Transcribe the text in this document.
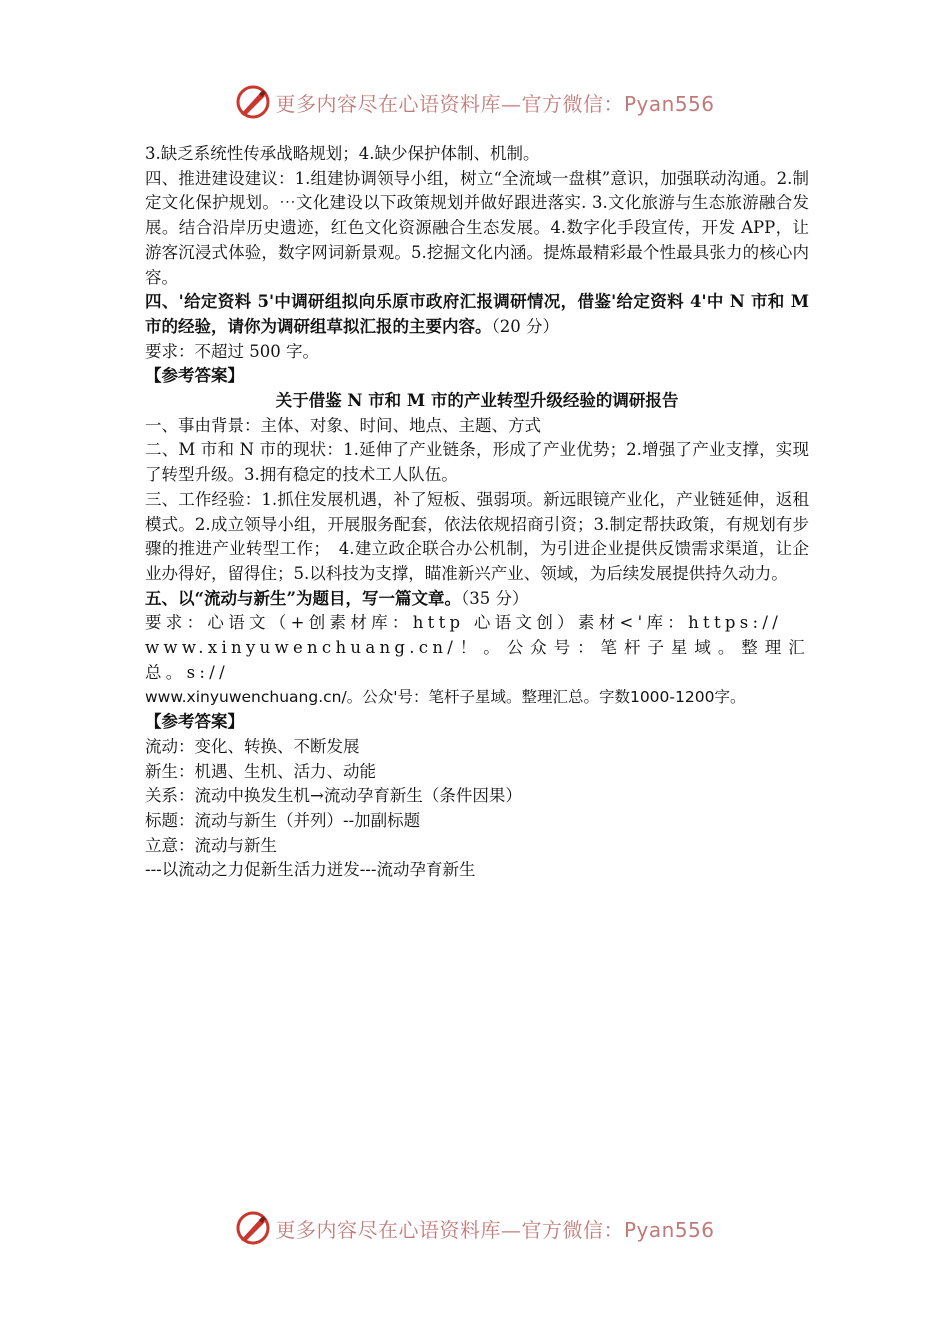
更多内容尽在心语资料库—官方微信：Pyan556

3.缺乏系统性传承战略规划；4.缺少保护体制、机制。

四、推进建设建议：1.组建协调领导小组，树立“全流域一盘棋”意识，加强联动沟通。2.制定文化保护规划。⋯文化建设以下政策规划并做好跟进落实. 3.文化旅游与生态旅游融合发展。结合沿岸历史遗迹，红色文化资源融合生态发展。4.数字化手段宣传，开发 APP，让游客沉浸式体验，数字网词新景观。5.挖掘文化内涵。提炼最精彩最个性最具张力的核心内容。

四、'给定资料 5'中调研组拟向乐原市政府汇报调研情况，借鉴'给定资料 4'中 N 市和 M 市的经验，请你为调研组草拟汇报的主要内容。（20 分）

要求：不超过 500 字。

【参考答案】

关于借鉴 N 市和 M 市的产业转型升级经验的调研报告

一、事由背景：主体、对象、时间、地点、主题、方式

二、M 市和 N 市的现状：1.延伸了产业链条，形成了产业优势；2.增强了产业支撑，实现了转型升级。3.拥有稳定的技术工人队伍。

三、工作经验：1.抓住发展机遇，补了短板、强弱项。新远眼镜产业化，产业链延伸，返租模式。2.成立领导小组，开展服务配套，依法依规招商引资；3.制定帮扶政策，有规划有步骤的推进产业转型工作；　4.建立政企联合办公机制，为引进企业提供反馈需求渠道，让企业办得好，留得住；5.以科技为支撑，瞄准新兴产业、领域，为后续发展提供持久动力。

五、以“流动与新生”为题目，写一篇文章。（35 分）

要求：心语文（+创素材库：http 心语文创）素材<'库：https://

www.xinyuwenchuang.cn/！。公众号：笔杆子星域。整理汇总。s://

www.xinyuwenchuang.cn/。公众'号：笔杆子星域。整理汇总。字数1000-1200字。

【参考答案】

流动：变化、转换、不断发展

新生：机遇、生机、活力、动能

关系：流动中换发生机→流动孕育新生（条件因果）

标题：流动与新生（并列）--加副标题

立意：流动与新生

---以流动之力促新生活力迸发---流动孕育新生

更多内容尽在心语资料库—官方微信：Pyan556
